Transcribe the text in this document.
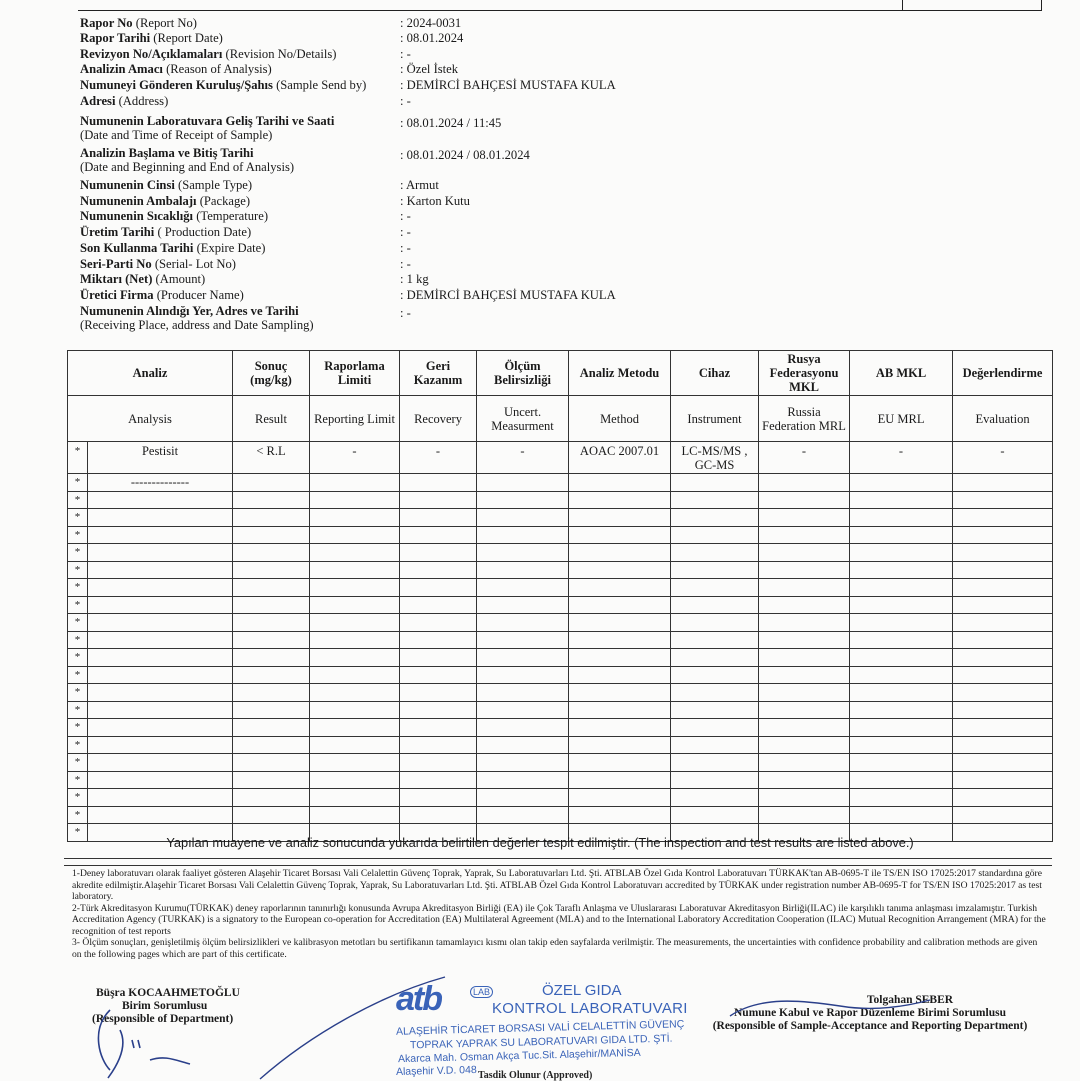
Rapor No (Report No)	: 2024-0031
Rapor Tarihi (Report Date)	: 08.01.2024
Revizyon No/Açıklamaları (Revision No/Details)	: -
Analizin Amacı (Reason of Analysis)	: Özel İstek
Numuneyi Gönderen Kuruluş/Şahıs (Sample Send by)	: DEMİRCİ BAHÇESİ MUSTAFA KULA
Adresi (Address)	: -
Numunenin Laboratuvara Geliş Tarihi ve Saati
(Date and Time of Receipt of Sample)
: 08.01.2024 / 11:45
Analizin Başlama ve Bitiş Tarihi
(Date and Beginning and End of Analysis)
: 08.01.2024 / 08.01.2024
Numunenin Cinsi (Sample Type)	: Armut
Numunenin Ambalajı (Package)	: Karton Kutu
Numunenin Sıcaklığı (Temperature)	: -
Üretim Tarihi ( Production Date)	: -
Son Kullanma Tarihi (Expire Date)	: -
Seri-Parti No (Serial- Lot No)	: -
Miktarı (Net) (Amount)	: 1 kg
Üretici Firma (Producer Name)	: DEMİRCİ BAHÇESİ MUSTAFA KULA
Numunenin Alındığı Yer, Adres ve Tarihi
(Receiving Place, address and Date Sampling)
: -
Analiz		Sonuç (mg/kg)	Raporlama Limiti	Geri Kazanım	Ölçüm Belirsizliği	Analiz Metodu	Cihaz	Rusya Federasyonu MKL	AB MKL	Değerlendirme
Analysis		Result	Reporting Limit	Recovery	Uncert. Measurment	Method	Instrument	Russia Federation MRL	EU MRL	Evaluation
*	Pestisit	< R.L	-	-	-	AOAC 2007.01	LC-MS/MS , GC-MS	-	-	-
*	--------------									
*										
*										
*										
*										
*										
*										
*										
*										
*										
*										
*										
*										
*										
*										
*										
*										
*										
*										
*										
*										
Yapılan muayene ve analiz sonucunda yukarıda belirtilen değerler tespit edilmiştir. (The inspection and test results are listed above.)

1-Deney laboratuvarı olarak faaliyet gösteren Alaşehir Ticaret Borsası Vali Celalettin Güvenç Toprak, Yaprak, Su Laboratuvarları Ltd. Şti. ATBLAB Özel Gıda Kontrol Laboratuvarı TÜRKAK'tan AB-0695-T ile TS/EN ISO 17025:2017 standardına göre akredite edilmiştir.Alaşehir Ticaret Borsası Vali Celalettin Güvenç Toprak, Yaprak, Su Laboratuvarları Ltd. Şti. ATBLAB Özel Gıda Kontrol Laboratuvarı accredited by TÜRKAK under registration number AB-0695-T for TS/EN ISO 17025:2017 as test laboratory.

2-Türk Akreditasyon Kurumu(TÜRKAK) deney raporlarının tanınırlığı konusunda Avrupa Akreditasyon Birliği (EA) ile Çok Taraflı Anlaşma ve Uluslararası Laboratuvar Akreditasyon Birliği(ILAC) ile karşılıklı tanıma anlaşması imzalamıştır. Turkish Accreditation Agency (TURKAK) is a signatory to the European co-operation for Accreditation (EA) Multilateral Agreement (MLA) and to the International Laboratory Accreditation Cooperation (ILAC) Mutual Recognition Arrangement (MRA) for the recognition of test reports

3- Ölçüm sonuçları, genişletilmiş ölçüm belirsizlikleri ve kalibrasyon metotları bu sertifikanın tamamlayıcı kısmı olan takip eden sayfalarda verilmiştir. The measurements, the uncertainties with confidence probability and calibration methods are given on the following pages which are part of this certificate.

Büşra KOCAAHMETOĞLU
Birim Sorumlusu
(Responsible of Department)
Tolgahan SEBER
Numune Kabul ve Rapor Düzenleme Birimi Sorumlusu
(Responsible of Sample-Acceptance and Reporting Department)
atb	LAB	ÖZEL GIDA
KONTROL LABORATUVARI
ALAŞEHİR TİCARET BORSASI VALİ CELALETTİN GÜVENÇ
TOPRAK YAPRAK SU LABORATUVARI GIDA LTD. ŞTİ.
Akarca Mah. Osman Akça Tuc.Sit. Alaşehir/MANİSA
Alaşehir V.D. 048 Tasdik Olunur (Approved)
